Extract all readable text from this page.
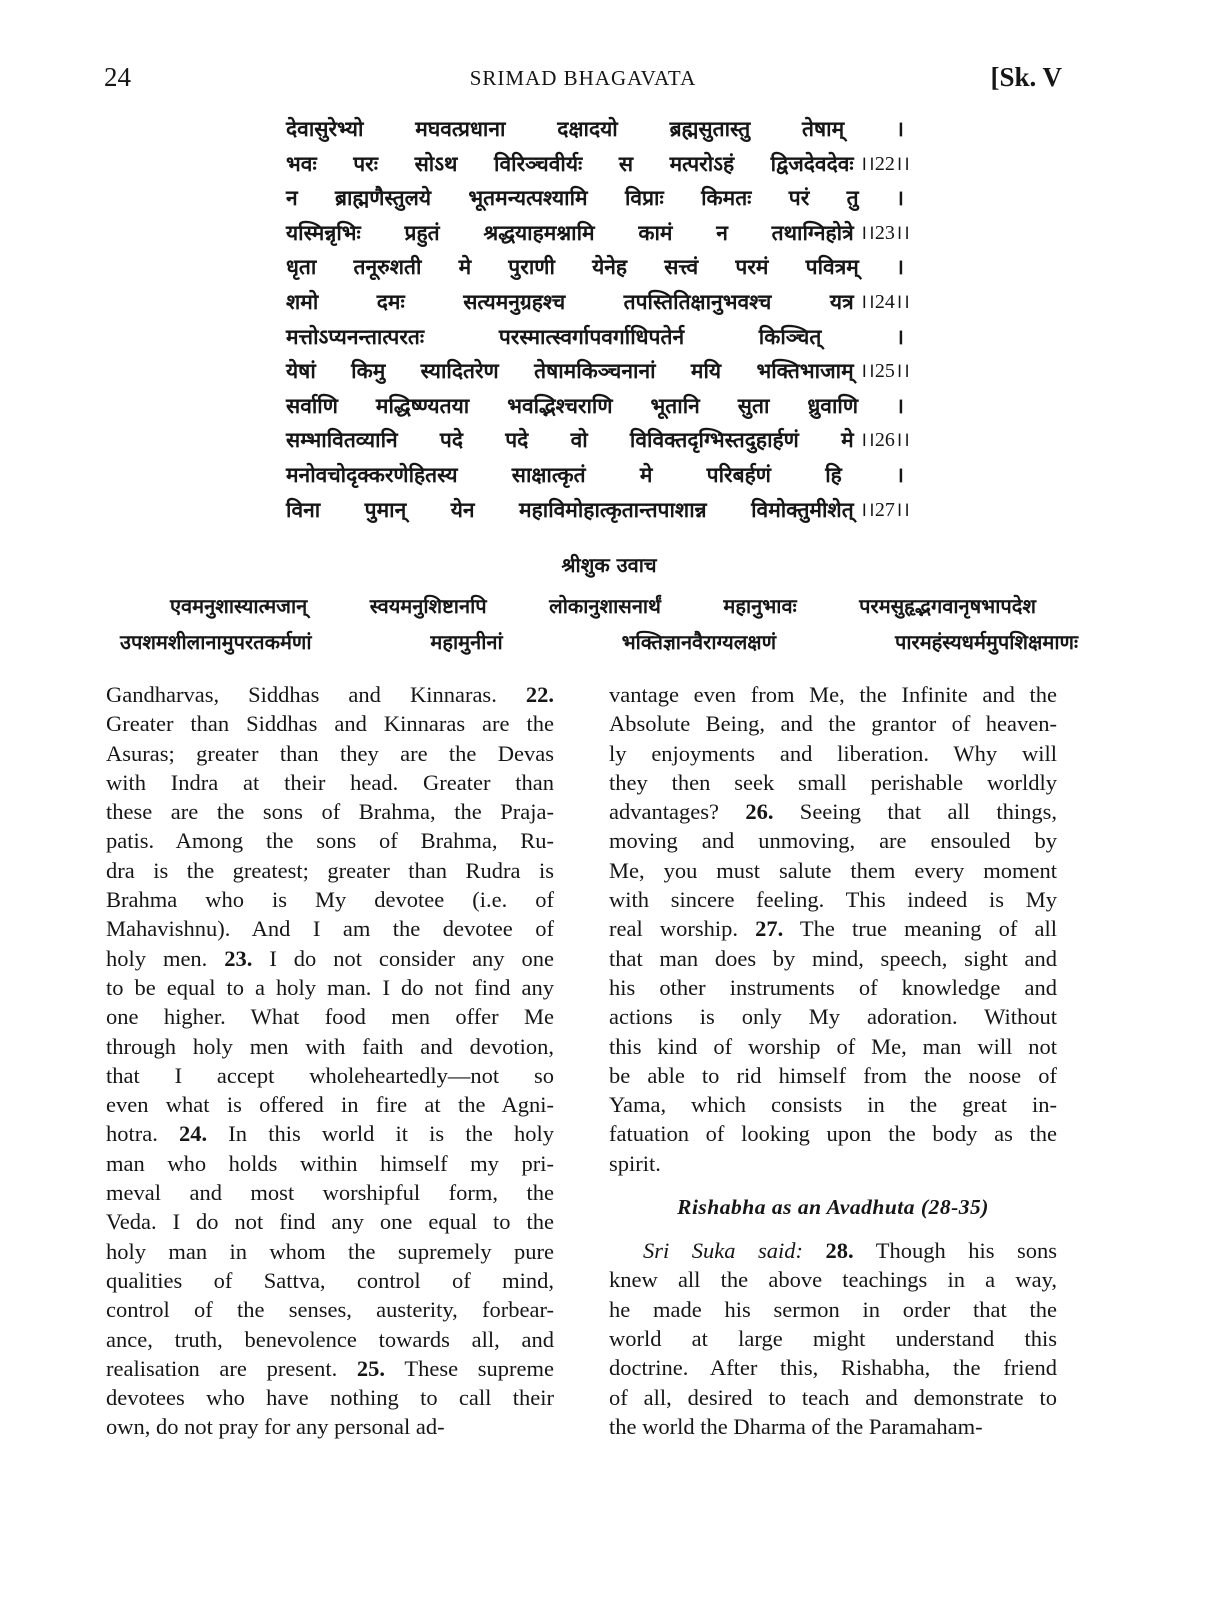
24	SRIMAD BHAGAVATA	[Sk. V
देवासुरेभ्यो मघवत्प्रधाना दक्षादयो ब्रह्मसुतास्तु तेषाम् ।
भवः परः सोऽथ विरिञ्चवीर्यः स मत्परोऽहं द्विजदेवदेवः ।।22।।
न ब्राह्मणैस्तुलये भूतमन्यत्पश्यामि विप्राः किमतः परं तु ।
यस्मिन्नृभिः प्रहुतं श्रद्धयाहमश्नामि कामं न तथाग्निहोत्रे ।।23।।
धृता तनूरुशती मे पुराणी येनेह सत्त्वं परमं पवित्रम् ।
शमो दमः सत्यमनुग्रहश्च तपस्तितिक्षानुभवश्च यत्र ।।24।।
मत्तोऽप्यनन्तात्परतः परस्मात्स्वर्गापवर्गाधिपतेर्न किञ्चित् ।
येषां किमु स्यादितरेण तेषामकिञ्चनानां मयि भक्तिभाजाम् ।।25।।
सर्वाणि मद्धिष्ण्यतया भवद्भिश्चराणि भूतानि सुता ध्रुवाणि ।
सम्भावितव्यानि पदे पदे वो विविक्तदृग्भिस्तदुहार्हणं मे ।।26।।
मनोवचोदृक्करणेहितस्य साक्षात्कृतं मे परिबर्हणं हि ।
विना पुमान् येन महाविमोहात्कृतान्तपाशान्न विमोक्तुमीशेत् ।।27।।
श्रीशुक उवाच
एवमनुशास्यात्मजान् स्वयमनुशिष्टानपि लोकानुशासनार्थं महानुभावः परमसुहृद्भगवानृषभापदेश
उपशमशीलानामुपरतकर्मणां महामुनीनां भक्तिज्ञानवैराग्यलक्षणं पारमहंस्यधर्ममुपशिक्षमाणः
Gandharvas, Siddhas and Kinnaras. 22.
Greater than Siddhas and Kinnaras are the
Asuras; greater than they are the Devas
with Indra at their head. Greater than
these are the sons of Brahma, the Praja-
patis. Among the sons of Brahma, Ru-
dra is the greatest; greater than Rudra is
Brahma who is My devotee (i.e. of
Mahavishnu). And I am the devotee of
holy men. 23. I do not consider any one
to be equal to a holy man. I do not find any
one higher. What food men offer Me
through holy men with faith and devotion,
that I accept wholeheartedly—not so
even what is offered in fire at the Agni-
hotra. 24. In this world it is the holy
man who holds within himself my pri-
meval and most worshipful form, the
Veda. I do not find any one equal to the
holy man in whom the supremely pure
qualities of Sattva, control of mind,
control of the senses, austerity, forbear-
ance, truth, benevolence towards all, and
realisation are present. 25. These supreme
devotees who have nothing to call their
own, do not pray for any personal ad-
vantage even from Me, the Infinite and the
Absolute Being, and the grantor of heaven-
ly enjoyments and liberation. Why will
they then seek small perishable worldly
advantages? 26. Seeing that all things,
moving and unmoving, are ensouled by
Me, you must salute them every moment
with sincere feeling. This indeed is My
real worship. 27. The true meaning of all
that man does by mind, speech, sight and
his other instruments of knowledge and
actions is only My adoration. Without
this kind of worship of Me, man will not
be able to rid himself from the noose of
Yama, which consists in the great in-
fatuation of looking upon the body as the
spirit.
Rishabha as an Avadhuta (28-35)
Sri Suka said: 28. Though his sons
knew all the above teachings in a way,
he made his sermon in order that the
world at large might understand this
doctrine. After this, Rishabha, the friend
of all, desired to teach and demonstrate to
the world the Dharma of the Paramaham-
